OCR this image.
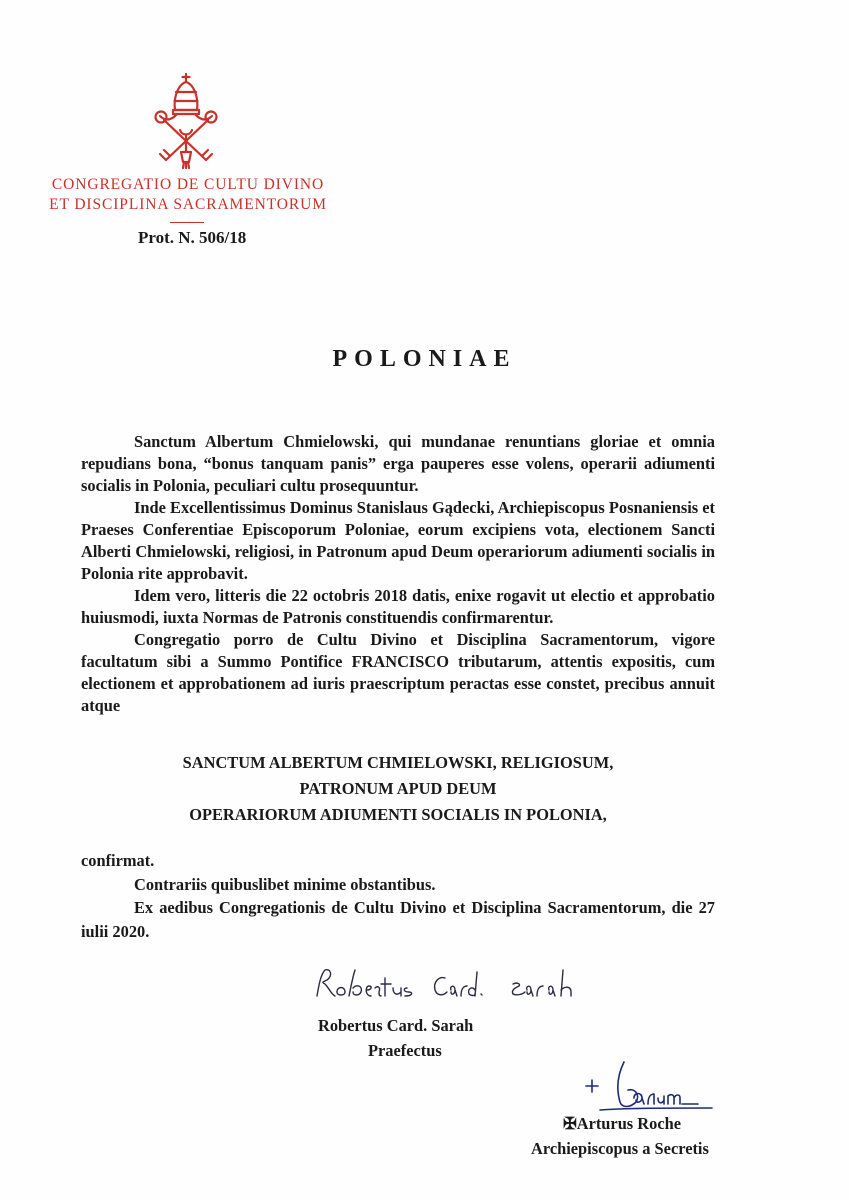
CONGREGATIO DE CULTU DIVINO
ET DISCIPLINA SACRAMENTORUM
Prot. N. 506/18
POLONIAE

Sanctum Albertum Chmielowski, qui mundanae renuntians gloriae et omnia repudians bona, “bonus tanquam panis” erga pauperes esse volens, operarii adiumenti socialis in Polonia, peculiari cultu prosequuntur.

Inde Excellentissimus Dominus Stanislaus Gądecki, Archiepiscopus Posnaniensis et Praeses Conferentiae Episcoporum Poloniae, eorum excipiens vota, electionem Sancti Alberti Chmielowski, religiosi, in Patronum apud Deum operariorum adiumenti socialis in Polonia rite approbavit.

Idem vero, litteris die 22 octobris 2018 datis, enixe rogavit ut electio et approbatio huiusmodi, iuxta Normas de Patronis constituendis confirmarentur.

Congregatio porro de Cultu Divino et Disciplina Sacramentorum, vigore facultatum sibi a Summo Pontifice FRANCISCO tributarum, attentis expositis, cum electionem et approbationem ad iuris praescriptum peractas esse constet, precibus annuit atque

SANCTUM ALBERTUM CHMIELOWSKI, RELIGIOSUM,
PATRONUM APUD DEUM
OPERARIORUM ADIUMENTI SOCIALIS IN POLONIA,

confirmat.

Contrariis quibuslibet minime obstantibus.

Ex aedibus Congregationis de Cultu Divino et Disciplina Sacramentorum, die 27 iulii 2020.

Robertus Card. Sarah
Praefectus
✠Arturus Roche
Archiepiscopus a Secretis
